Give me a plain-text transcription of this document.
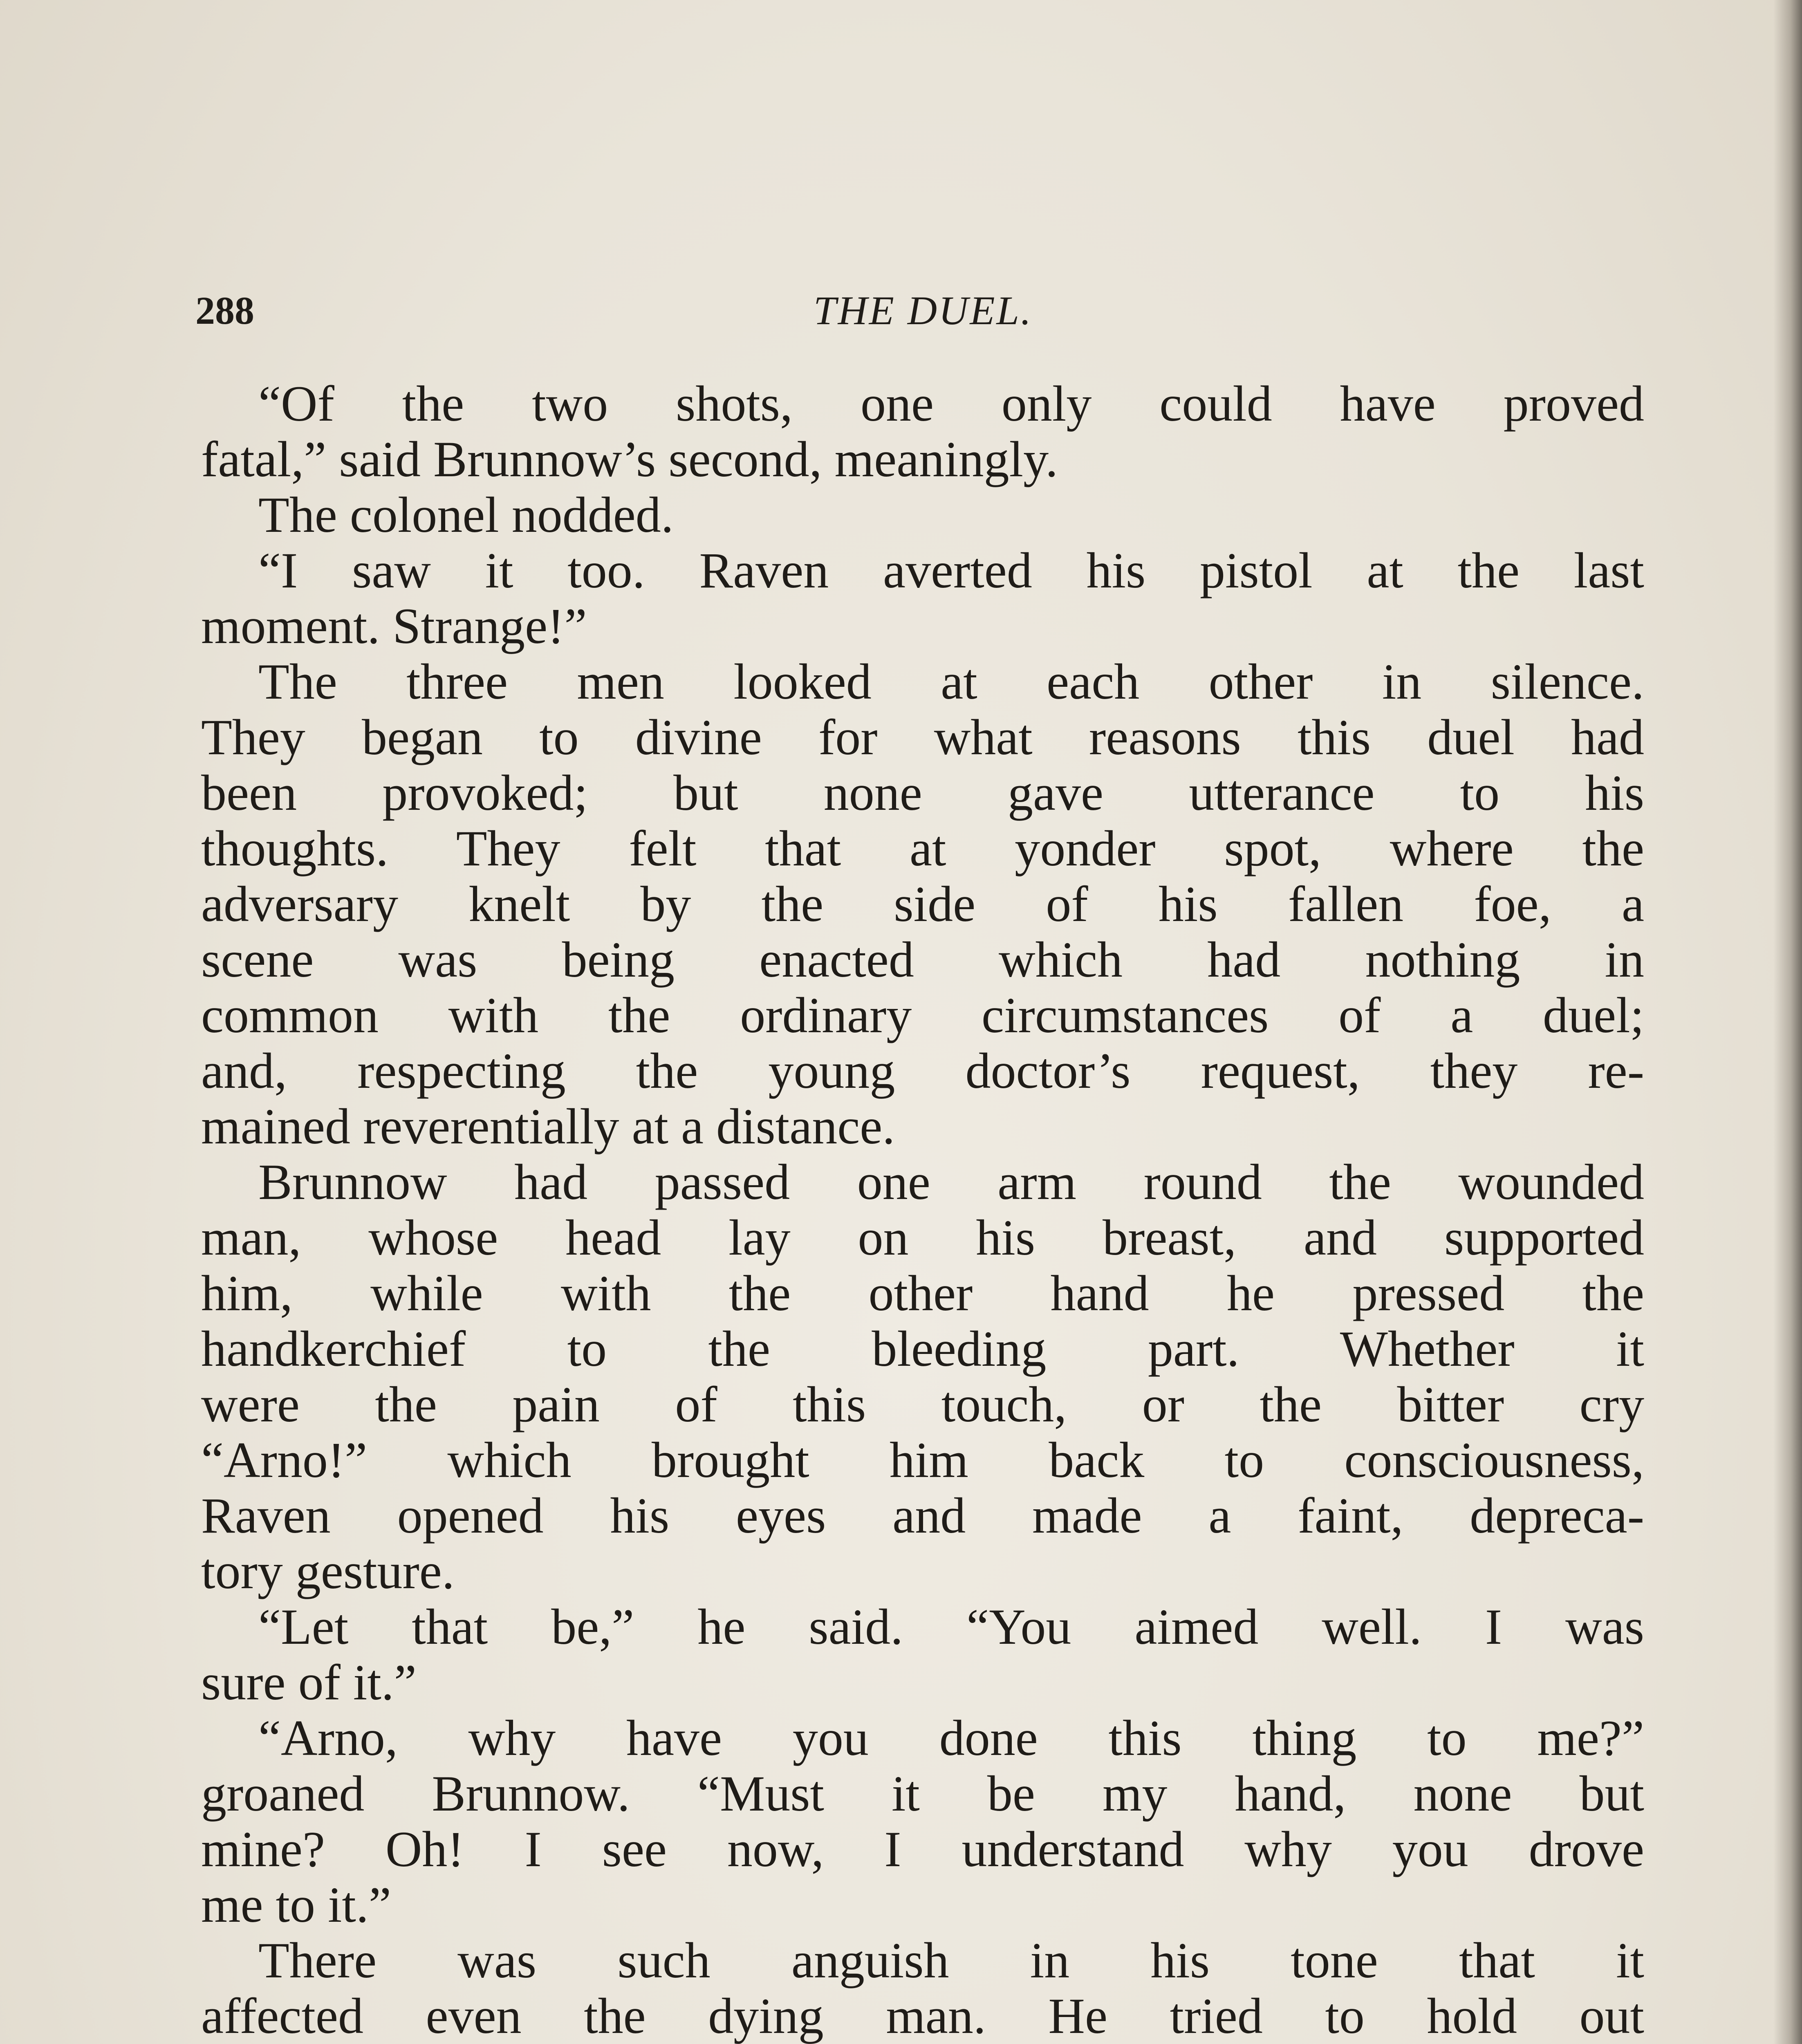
288	THE DUEL.
“Of the two shots, one only could have proved
fatal,” said Brunnow’s second, meaningly.
The colonel nodded.
“I saw it too. Raven averted his pistol at the last
moment. Strange!”
The three men looked at each other in silence.
They began to divine for what reasons this duel had
been provoked; but none gave utterance to his
thoughts. They felt that at yonder spot, where the
adversary knelt by the side of his fallen foe, a
scene was being enacted which had nothing in
common with the ordinary circumstances of a duel;
and, respecting the young doctor’s request, they re-
mained reverentially at a distance.
Brunnow had passed one arm round the wounded
man, whose head lay on his breast, and supported
him, while with the other hand he pressed the
handkerchief to the bleeding part. Whether it
were the pain of this touch, or the bitter cry
“Arno!” which brought him back to consciousness,
Raven opened his eyes and made a faint, depreca-
tory gesture.
“Let that be,” he said. “You aimed well. I was
sure of it.”
“Arno, why have you done this thing to me?”
groaned Brunnow. “Must it be my hand, none but
mine? Oh! I see now, I understand why you drove
me to it.”
There was such anguish in his tone that it
affected even the dying man. He tried to hold out
